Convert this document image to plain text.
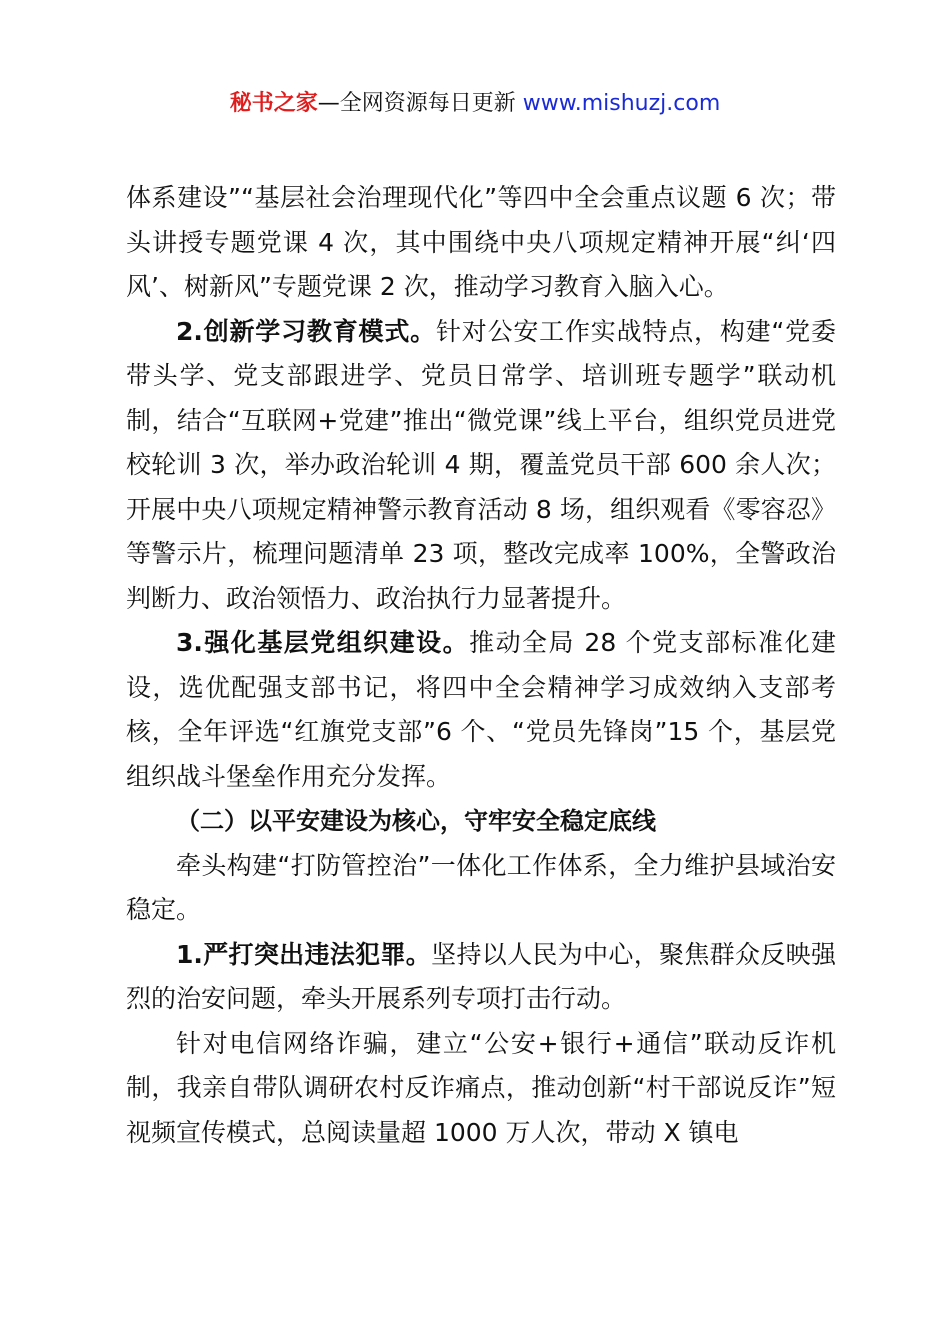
秘书之家—全网资源每日更新 www.mishuzj.com

体系建设”“基层社会治理现代化”等四中全会重点议题 6 次；带头讲授专题党课 4 次，其中围绕中央八项规定精神开展“纠‘四风’、树新风”专题党课 2 次，推动学习教育入脑入心。

2.创新学习教育模式。针对公安工作实战特点，构建“党委带头学、党支部跟进学、党员日常学、培训班专题学”联动机制，结合“互联网+党建”推出“微党课”线上平台，组织党员进党校轮训 3 次，举办政治轮训 4 期，覆盖党员干部 600 余人次；开展中央八项规定精神警示教育活动 8 场，组织观看《零容忍》等警示片，梳理问题清单 23 项，整改完成率 100%，全警政治判断力、政治领悟力、政治执行力显著提升。

3.强化基层党组织建设。推动全局 28 个党支部标准化建设，选优配强支部书记，将四中全会精神学习成效纳入支部考核，全年评选“红旗党支部”6 个、“党员先锋岗”15 个，基层党组织战斗堡垒作用充分发挥。

（二）以平安建设为核心，守牢安全稳定底线

牵头构建“打防管控治”一体化工作体系，全力维护县域治安稳定。

1.严打突出违法犯罪。坚持以人民为中心，聚焦群众反映强烈的治安问题，牵头开展系列专项打击行动。

针对电信网络诈骗，建立“公安+银行+通信”联动反诈机制，我亲自带队调研农村反诈痛点，推动创新“村干部说反诈”短视频宣传模式，总阅读量超 1000 万人次，带动 X 镇电
